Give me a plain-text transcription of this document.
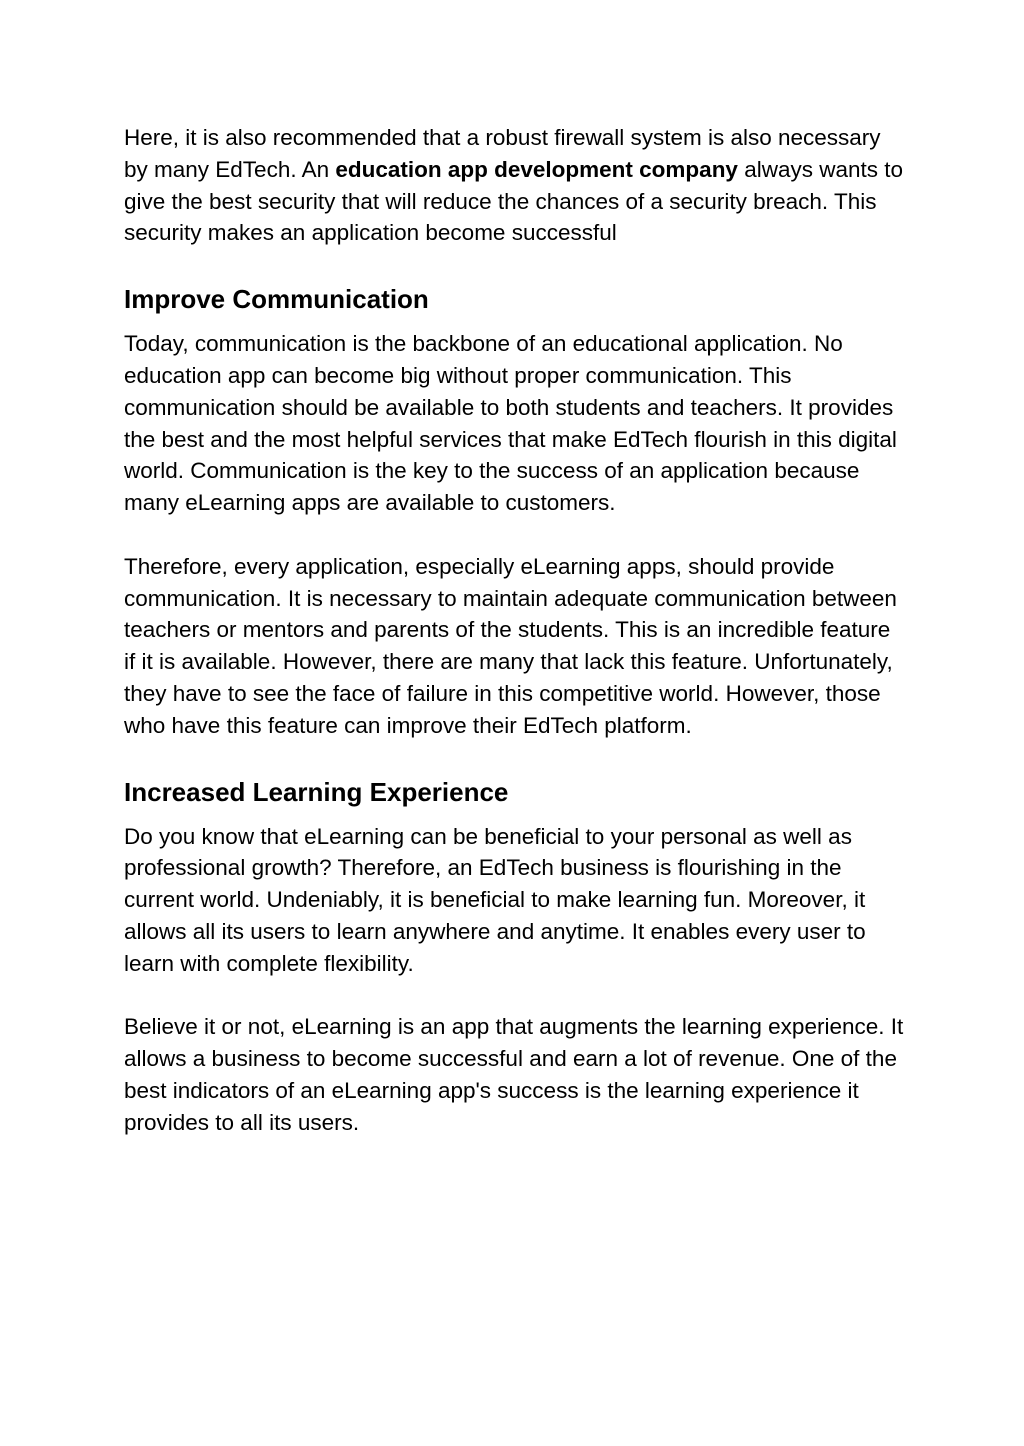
Here, it is also recommended that a robust firewall system is also necessary by many EdTech. An education app development company always wants to give the best security that will reduce the chances of a security breach. This security makes an application become successful

Improve Communication

Today, communication is the backbone of an educational application. No education app can become big without proper communication. This communication should be available to both students and teachers. It provides the best and the most helpful services that make EdTech flourish in this digital world. Communication is the key to the success of an application because many eLearning apps are available to customers.

Therefore, every application, especially eLearning apps, should provide communication. It is necessary to maintain adequate communication between teachers or mentors and parents of the students. This is an incredible feature if it is available. However, there are many that lack this feature. Unfortunately, they have to see the face of failure in this competitive world. However, those who have this feature can improve their EdTech platform.

Increased Learning Experience

Do you know that eLearning can be beneficial to your personal as well as professional growth? Therefore, an EdTech business is flourishing in the current world. Undeniably, it is beneficial to make learning fun. Moreover, it allows all its users to learn anywhere and anytime. It enables every user to learn with complete flexibility.

Believe it or not, eLearning is an app that augments the learning experience. It allows a business to become successful and earn a lot of revenue. One of the best indicators of an eLearning app's success is the learning experience it provides to all its users.
